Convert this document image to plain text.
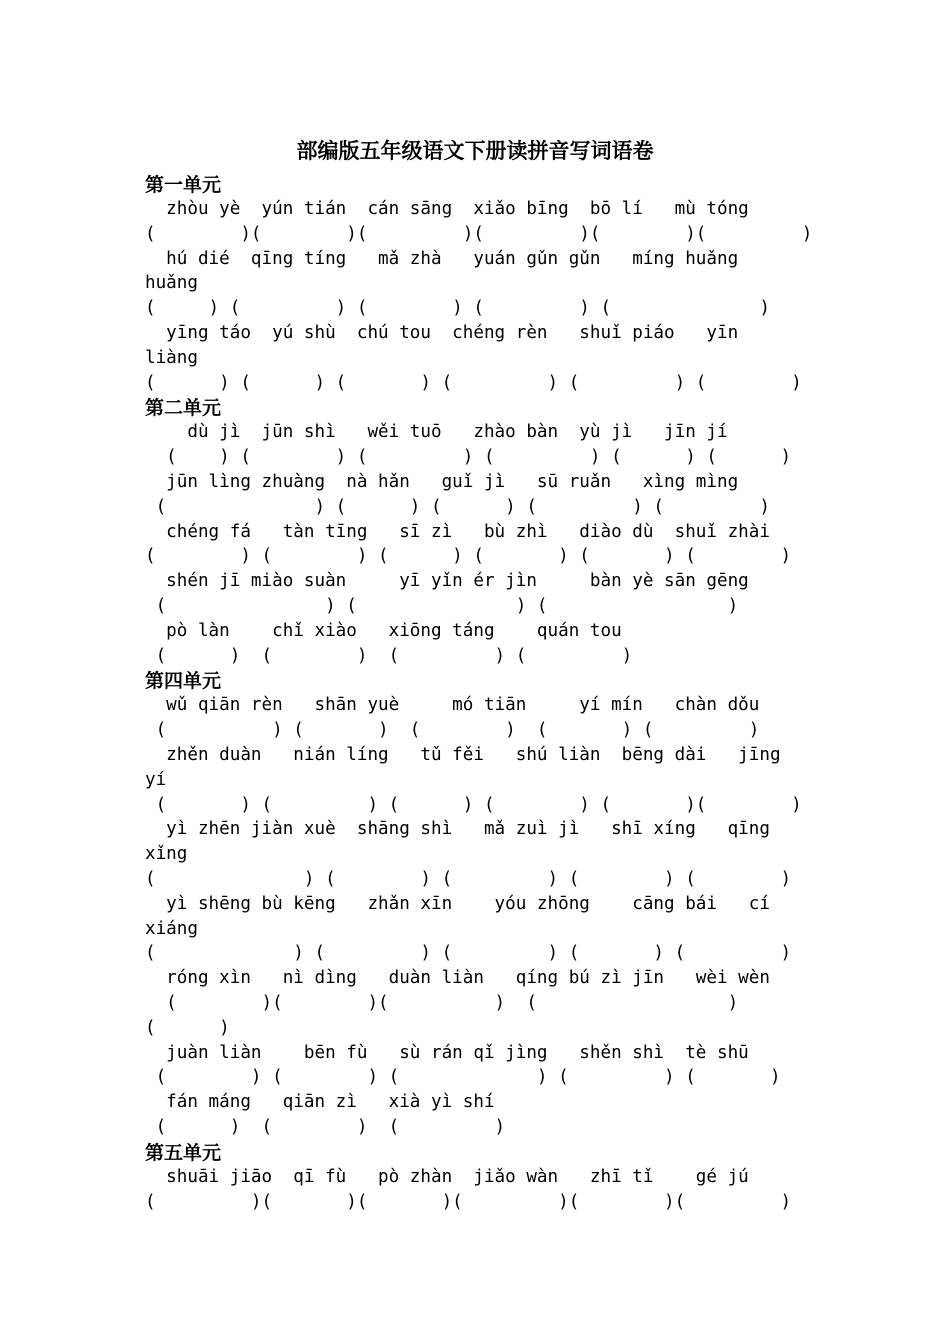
部编版五年级语文下册读拼音写词语卷
第一单元
zhòu yè  yún tián  cán sāng  xiǎo bīng  bō lí   mù tóng
(        )(        )(         )(         )(        )(         )
hú dié  qīng tíng   mǎ zhà   yuán gǔn gǔn   míng huǎng
huǎng
(     ) (         ) (        ) (         ) (              )
yīng táo  yú shù  chú tou  chéng rèn   shuǐ piáo   yīn
liàng
(      ) (      ) (       ) (         ) (         ) (        )
第二单元
dù jì  jūn shì   wěi tuō   zhào bàn  yù jì   jīn jí
(    ) (        ) (         ) (         ) (      ) (      )
jūn lìng zhuàng  nà hǎn   guǐ jì   sū ruǎn   xìng mìng
(              ) (      ) (      ) (         ) (         )
chéng fá   tàn tīng   sī zì   bù zhì   diào dù  shuǐ zhài
(        ) (        ) (      ) (       ) (       ) (        )
shén jī miào suàn     yī yǐn ér jìn     bàn yè sān gēng
(               ) (               ) (                 )
pò làn    chǐ xiào   xiōng táng    quán tou
(      )  (        )  (         ) (         )
第四单元
wǔ qiān rèn   shān yuè     mó tiān     yí mín   chàn dǒu
(          ) (       )  (        )  (       ) (         )
zhěn duàn   nián líng   tǔ fěi   shú liàn  bēng dài   jīng
yí
(       ) (         ) (      ) (        ) (       )(        )
yì zhēn jiàn xuè  shāng shì   mǎ zuì jì   shī xíng   qīng
xǐng
(              ) (        ) (         ) (        ) (        )
yì shēng bù kēng   zhǎn xīn    yóu zhōng    cāng bái   cí
xiáng
(             ) (         ) (         ) (       ) (         )
róng xìn   nì dìng   duàn liàn   qíng bú zì jīn   wèi wèn
(        )(        )(          )  (                  )
(      )
juàn liàn    bēn fù   sù rán qǐ jìng   shěn shì  tè shū
(        ) (        ) (             ) (         ) (       )
fán máng   qiān zì   xià yì shí
(      )  (        )  (         )
第五单元
shuāi jiāo  qī fù   pò zhàn  jiǎo wàn   zhī tǐ    gé jú
(         )(       )(       )(         )(        )(         )
